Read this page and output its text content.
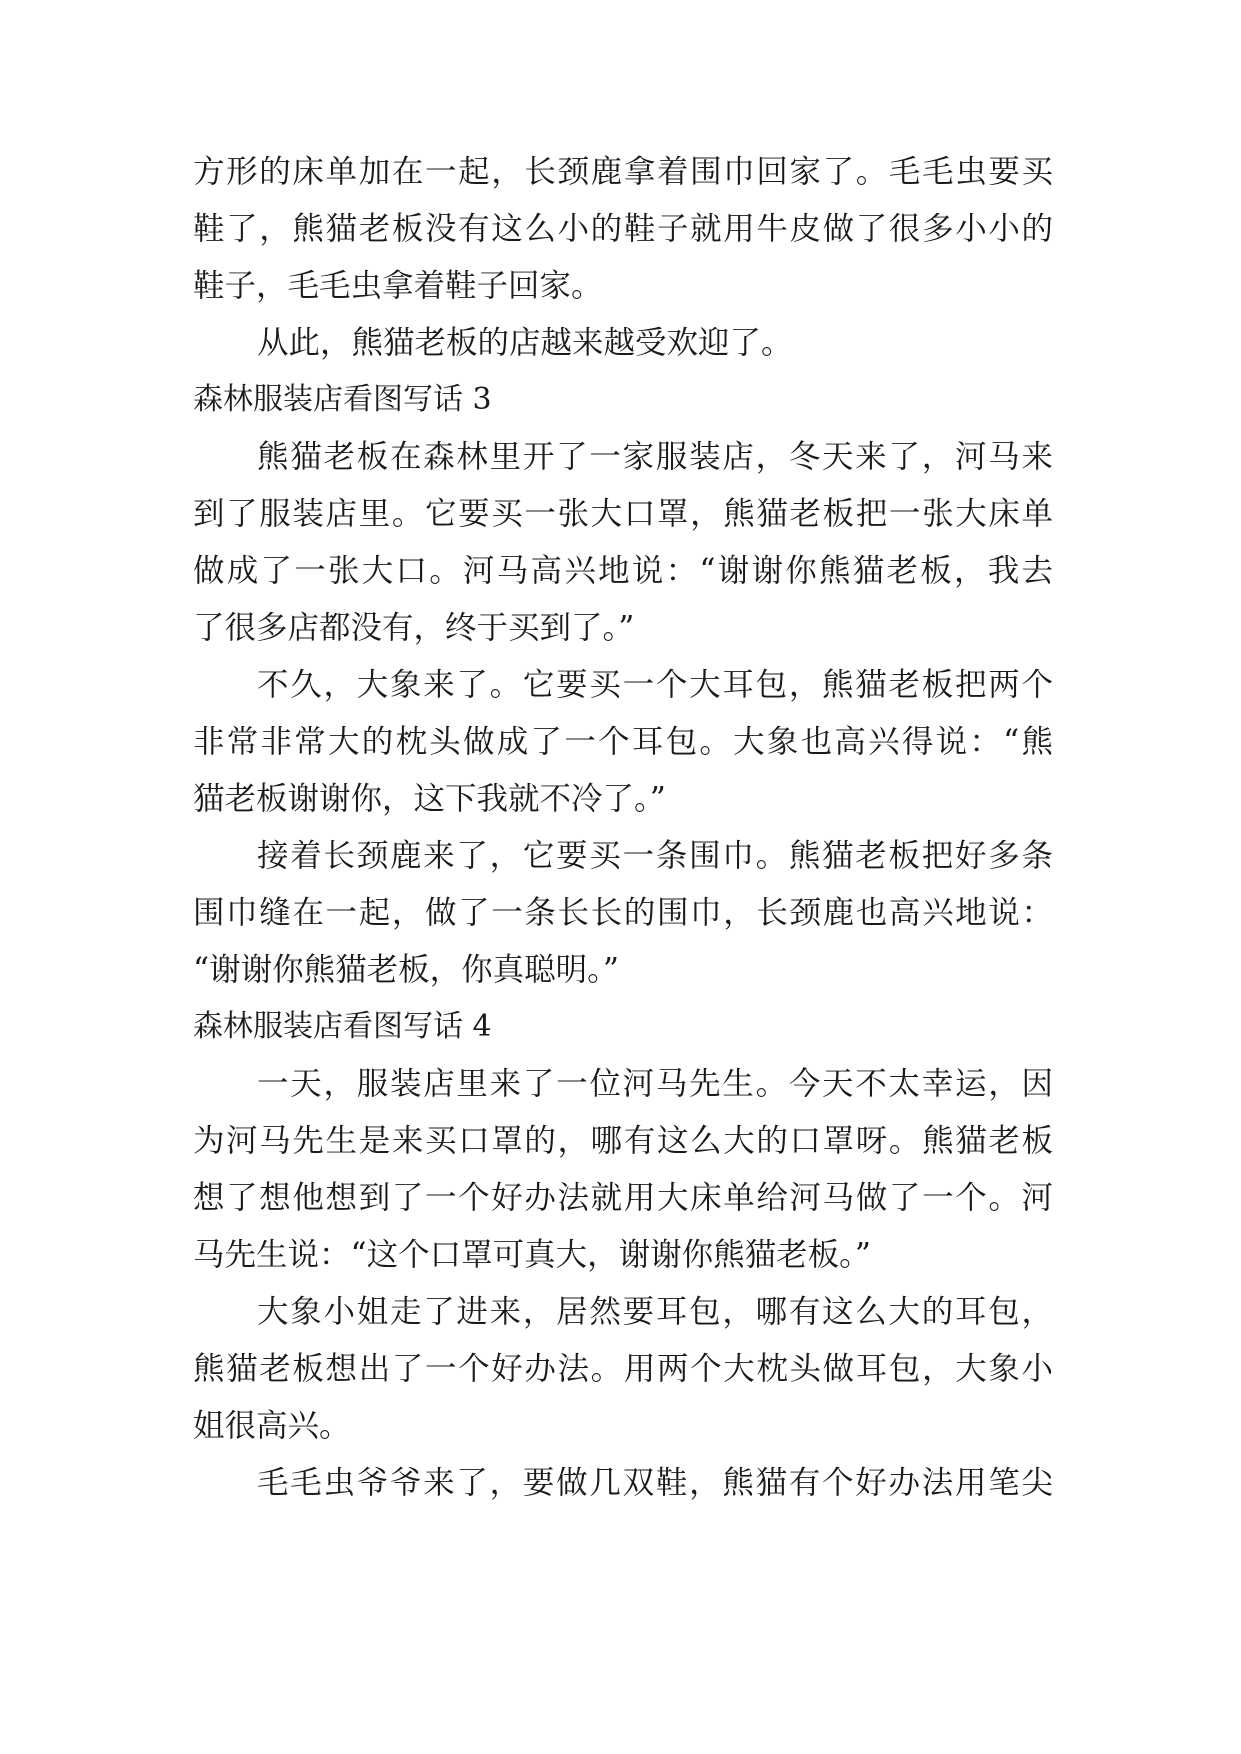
方形的床单加在一起，长颈鹿拿着围巾回家了。毛毛虫要买
鞋了，熊猫老板没有这么小的鞋子就用牛皮做了很多小小的
鞋子，毛毛虫拿着鞋子回家。
从此，熊猫老板的店越来越受欢迎了。
森林服装店看图写话 3
熊猫老板在森林里开了一家服装店，冬天来了，河马来
到了服装店里。它要买一张大口罩，熊猫老板把一张大床单
做成了一张大口。河马高兴地说：“谢谢你熊猫老板，我去
了很多店都没有，终于买到了。”
不久，大象来了。它要买一个大耳包，熊猫老板把两个
非常非常大的枕头做成了一个耳包。大象也高兴得说：“熊
猫老板谢谢你，这下我就不冷了。”
接着长颈鹿来了，它要买一条围巾。熊猫老板把好多条
围巾缝在一起，做了一条长长的围巾，长颈鹿也高兴地说：
“谢谢你熊猫老板，你真聪明。”
森林服装店看图写话 4
一天，服装店里来了一位河马先生。今天不太幸运，因
为河马先生是来买口罩的，哪有这么大的口罩呀。熊猫老板
想了想他想到了一个好办法就用大床单给河马做了一个。河
马先生说：“这个口罩可真大，谢谢你熊猫老板。”
大象小姐走了进来，居然要耳包，哪有这么大的耳包，
熊猫老板想出了一个好办法。用两个大枕头做耳包，大象小
姐很高兴。
毛毛虫爷爷来了，要做几双鞋，熊猫有个好办法用笔尖
